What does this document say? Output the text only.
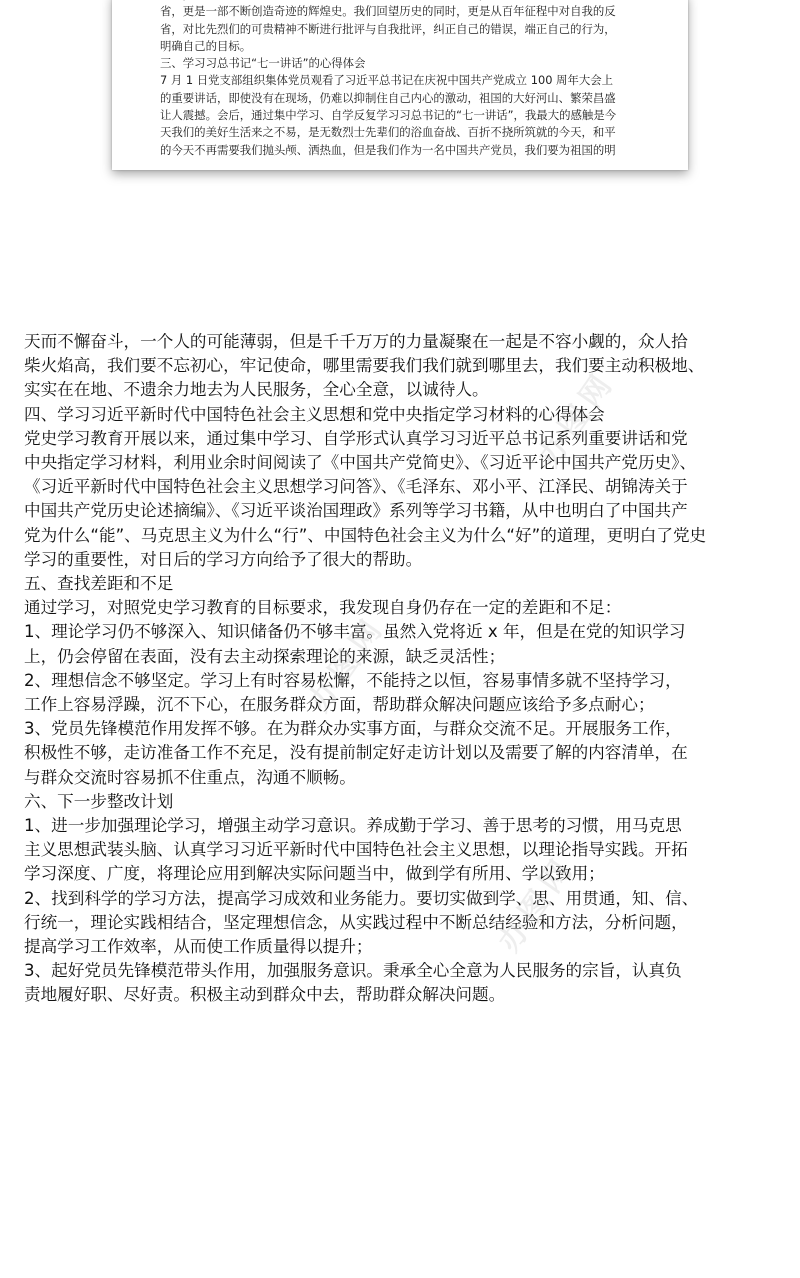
省，更是一部不断创造奇迹的辉煌史。我们回望历史的同时，更是从百年征程中对自我的反

省，对比先烈们的可贵精神不断进行批评与自我批评，纠正自己的错误，端正自己的行为，

明确自己的目标。

三、学习习总书记“七一讲话”的心得体会

7 月 1 日党支部组织集体党员观看了习近平总书记在庆祝中国共产党成立 100 周年大会上

的重要讲话，即使没有在现场，仍难以抑制住自己内心的激动，祖国的大好河山、繁荣昌盛

让人震撼。会后，通过集中学习、自学反复学习习总书记的“七一讲话”，我最大的感触是今

天我们的美好生活来之不易，是无数烈士先辈们的浴血奋战、百折不挠所筑就的今天，和平

的今天不再需要我们抛头颅、洒热血，但是我们作为一名中国共产党员，我们要为祖国的明

天而不懈奋斗，一个人的可能薄弱，但是千千万万的力量凝聚在一起是不容小觑的，众人拾

柴火焰高，我们要不忘初心，牢记使命，哪里需要我们我们就到哪里去，我们要主动积极地、

实实在在地、不遗余力地去为人民服务，全心全意，以诚待人。

四、学习习近平新时代中国特色社会主义思想和党中央指定学习材料的心得体会

党史学习教育开展以来，通过集中学习、自学形式认真学习习近平总书记系列重要讲话和党

中央指定学习材料，利用业余时间阅读了《中国共产党简史》、《习近平论中国共产党历史》、

《习近平新时代中国特色社会主义思想学习问答》、《毛泽东、邓小平、江泽民、胡锦涛关于

中国共产党历史论述摘编》、《习近平谈治国理政》系列等学习书籍，从中也明白了中国共产

党为什么“能”、马克思主义为什么“行”、中国特色社会主义为什么“好”的道理，更明白了党史

学习的重要性，对日后的学习方向给予了很大的帮助。

五、查找差距和不足

通过学习，对照党史学习教育的目标要求，我发现自身仍存在一定的差距和不足：

1、理论学习仍不够深入、知识储备仍不够丰富。虽然入党将近 x 年，但是在党的知识学习

上，仍会停留在表面，没有去主动探索理论的来源，缺乏灵活性；

2、理想信念不够坚定。学习上有时容易松懈，不能持之以恒，容易事情多就不坚持学习，

工作上容易浮躁，沉不下心，在服务群众方面，帮助群众解决问题应该给予多点耐心；

3、党员先锋模范作用发挥不够。在为群众办实事方面，与群众交流不足。开展服务工作，

积极性不够，走访准备工作不充足，没有提前制定好走访计划以及需要了解的内容清单，在

与群众交流时容易抓不住重点，沟通不顺畅。

六、下一步整改计划

1、进一步加强理论学习，增强主动学习意识。养成勤于学习、善于思考的习惯，用马克思

主义思想武装头脑、认真学习习近平新时代中国特色社会主义思想，以理论指导实践。开拓

学习深度、广度，将理论应用到解决实际问题当中，做到学有所用、学以致用；

2、找到科学的学习方法，提高学习成效和业务能力。要切实做到学、思、用贯通，知、信、

行统一，理论实践相结合，坚定理想信念，从实践过程中不断总结经验和方法，分析问题，

提高学习工作效率，从而使工作质量得以提升；

3、起好党员先锋模范带头作用，加强服务意识。秉承全心全意为人民服务的宗旨，认真负

责地履好职、尽好责。积极主动到群众中去，帮助群众解决问题。

办图网
办图网
办图网
